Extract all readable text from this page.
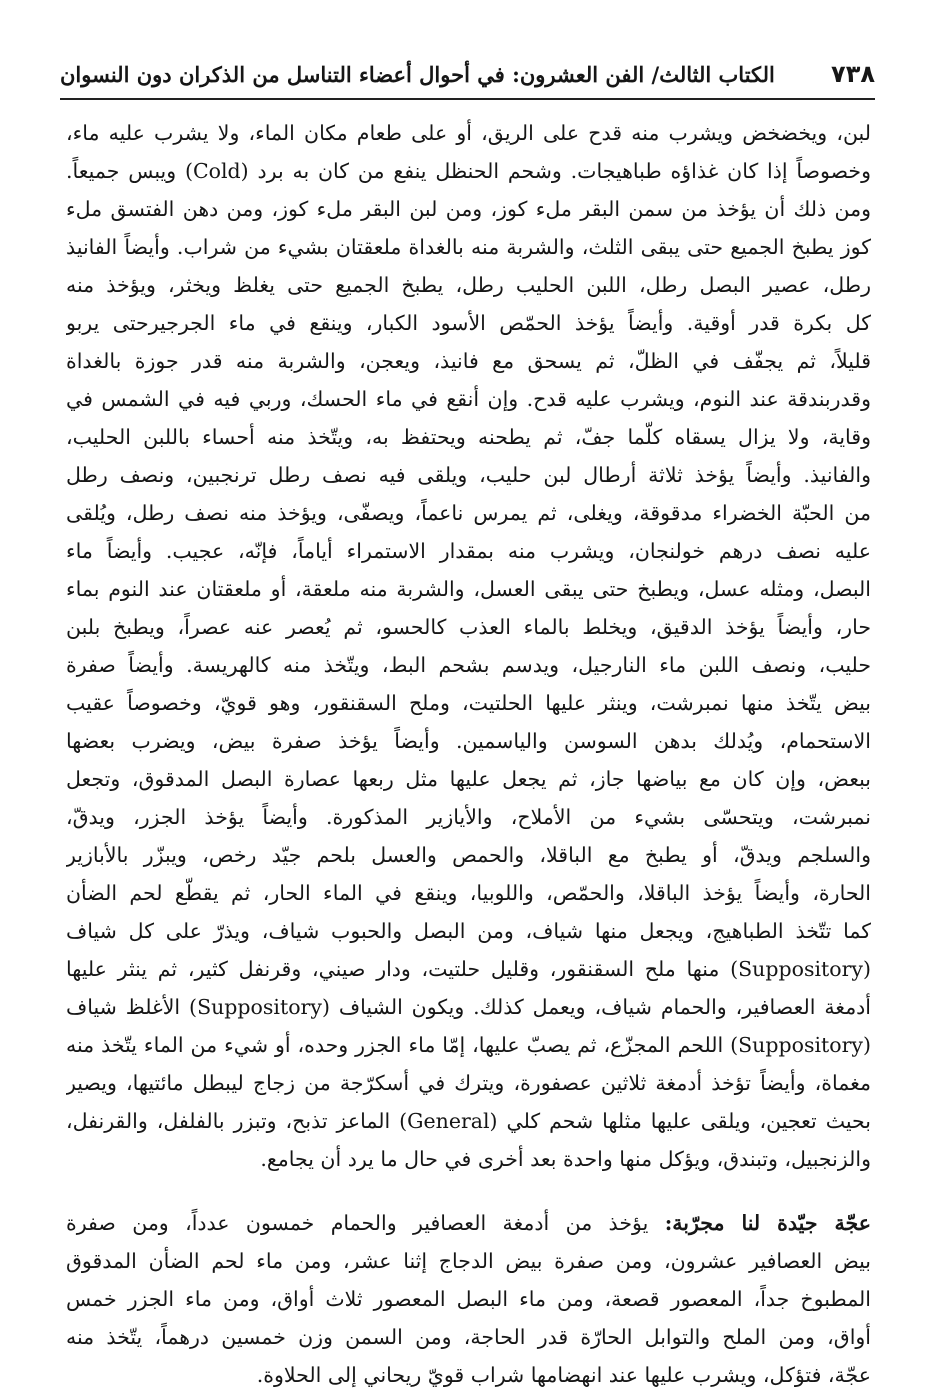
٧٣٨
الكتاب الثالث/ الفن العشرون: في أحوال أعضاء التناسل من الذكران دون النسوان
لبن، ويخضخض ويشرب منه قدح على الريق، أو على طعام مكان الماء، ولا يشرب عليه ماء،
وخصوصاً إذا كان غذاؤه طباهيجات. وشحم الحنظل ينفع من كان به برد (Cold) ويبس جميعاً.
ومن ذلك أن يؤخذ من سمن البقر ملء كوز، ومن لبن البقر ملء كوز، ومن دهن الفتسق ملء
كوز يطبخ الجميع حتى يبقى الثلث، والشربة منه بالغداة ملعقتان بشيء من شراب. وأيضاً الفانيذ
رطل، عصير البصل رطل، اللبن الحليب رطل، يطبخ الجميع حتى يغلظ ويخثر، ويؤخذ منه
كل بكرة قدر أوقية. وأيضاً يؤخذ الحمّص الأسود الكبار، وينقع في ماء الجرجيرحتى يربو
قليلاً، ثم يجفّف في الظلّ، ثم يسحق مع فانيذ، ويعجن، والشربة منه قدر جوزة بالغداة
وقدربندقة عند النوم، ويشرب عليه قدح. وإن أنقع في ماء الحسك، وربي فيه في الشمس في
وقاية، ولا يزال يسقاه كلّما جفّ، ثم يطحنه ويحتفظ به، ويتّخذ منه أحساء باللبن الحليب،
والفانيذ. وأيضاً يؤخذ ثلاثة أرطال لبن حليب، ويلقى فيه نصف رطل ترنجبين، ونصف رطل
من الحبّة الخضراء مدقوقة، ويغلى، ثم يمرس ناعماً، ويصفّى، ويؤخذ منه نصف رطل، ويُلقى
عليه نصف درهم خولنجان، ويشرب منه بمقدار الاستمراء أياماً، فإنّه، عجيب. وأيضاً ماء
البصل، ومثله عسل، ويطبخ حتى يبقى العسل، والشربة منه ملعقة، أو ملعقتان عند النوم بماء
حار، وأيضاً يؤخذ الدقيق، ويخلط بالماء العذب كالحسو، ثم يُعصر عنه عصراً، ويطبخ بلبن
حليب، ونصف اللبن ماء النارجيل، ويدسم بشحم البط، ويتّخذ منه كالهريسة. وأيضاً صفرة
بيض يتّخذ منها نمبرشت، وينثر عليها الحلتيت، وملح السقنقور، وهو قويّ، وخصوصاً عقيب
الاستحمام، ويُدلك بدهن السوسن والياسمين. وأيضاً يؤخذ صفرة بيض، ويضرب بعضها
ببعض، وإن كان مع بياضها جاز، ثم يجعل عليها مثل ربعها عصارة البصل المدقوق، وتجعل
نمبرشت، ويتحسّى بشيء من الأملاح، والأيازير المذكورة. وأيضاً يؤخذ الجزر، ويدقّ،
والسلجم ويدقّ، أو يطبخ مع الباقلا، والحمص والعسل بلحم جيّد رخص، ويبزّر بالأبازير
الحارة، وأيضاً يؤخذ الباقلا، والحمّص، واللوبيا، وينقع في الماء الحار، ثم يقطّع لحم الضأن
كما تتّخذ الطباهيج، ويجعل منها شياف، ومن البصل والحبوب شياف، ويذرّ على كل شياف
(Suppository) منها ملح السقنقور، وقليل حلتيت، ودار صيني، وقرنفل كثير، ثم ينثر عليها
أدمغة العصافير، والحمام شياف، ويعمل كذلك. ويكون الشياف (Suppository) الأغلظ شياف
(Suppository) اللحم المجزّع، ثم يصبّ عليها، إمّا ماء الجزر وحده، أو شيء من الماء يتّخذ منه
مغماة، وأيضاً تؤخذ أدمغة ثلاثين عصفورة، ويترك في أسكرّجة من زجاج ليبطل مائتيها، ويصير
بحيث تعجين، ويلقى عليها مثلها شحم كلي (General) الماعز تذبح، وتبزر بالفلفل، والقرنفل،
والزنجبيل، وتبندق، ويؤكل منها واحدة بعد أخرى في حال ما يرد أن يجامع.
عجّة جيّدة لنا مجرّبة: يؤخذ من أدمغة العصافير والحمام خمسون عدداً، ومن صفرة
بيض العصافير عشرون، ومن صفرة بيض الدجاج إثنا عشر، ومن ماء لحم الضأن المدقوق
المطبوخ جداً، المعصور قصعة، ومن ماء البصل المعصور ثلاث أواق، ومن ماء الجزر خمس
أواق، ومن الملح والتوابل الحارّة قدر الحاجة، ومن السمن وزن خمسين درهماً، يتّخذ منه
عجّة، فتؤكل، ويشرب عليها عند انهضامها شراب قويّ ريحاني إلى الحلاوة.
